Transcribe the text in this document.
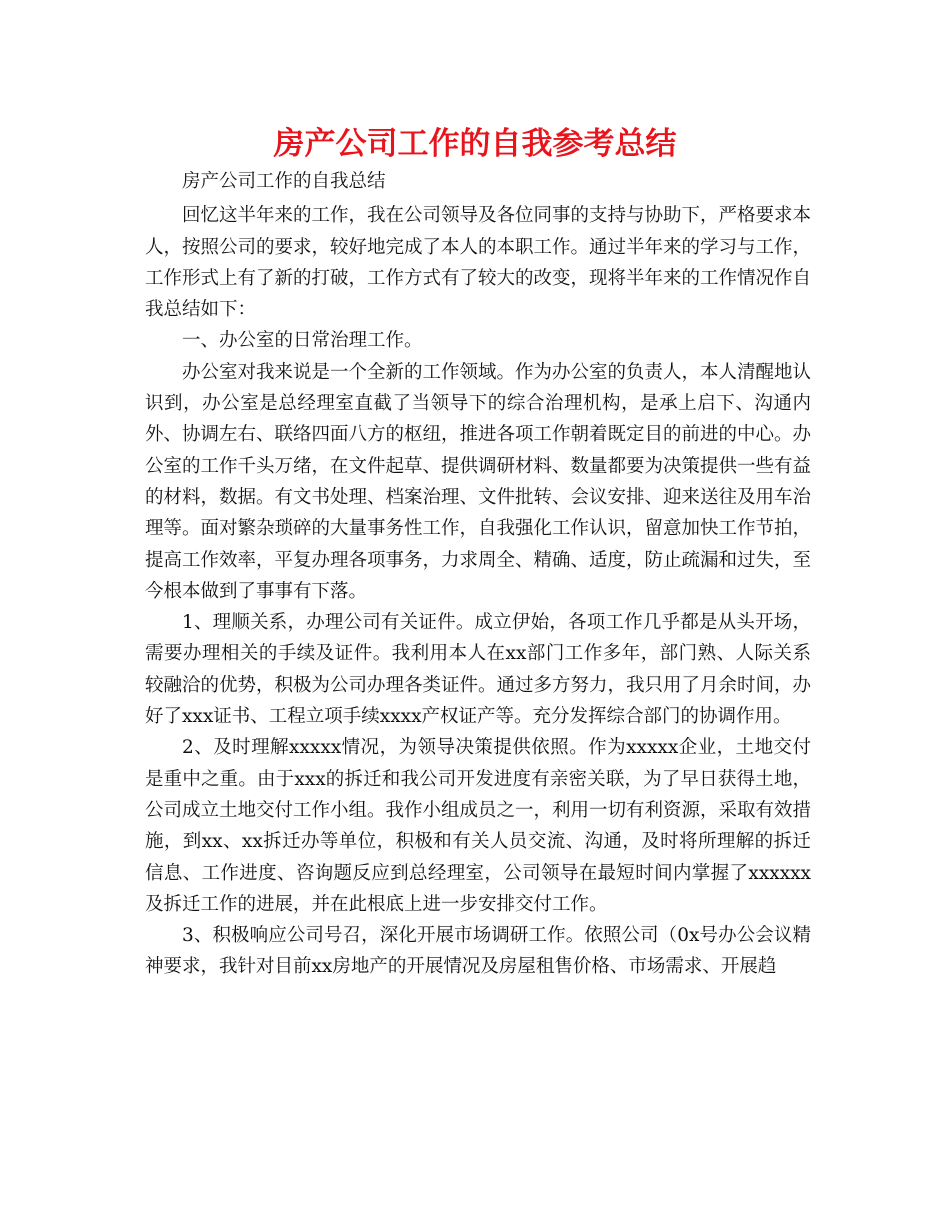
房产公司工作的自我参考总结

房产公司工作的自我总结

回忆这半年来的工作，我在公司领导及各位同事的支持与协助下，严格要求本人，按照公司的要求，较好地完成了本人的本职工作。通过半年来的学习与工作，工作形式上有了新的打破，工作方式有了较大的改变，现将半年来的工作情况作自我总结如下：

一、办公室的日常治理工作。

办公室对我来说是一个全新的工作领域。作为办公室的负责人，本人清醒地认识到，办公室是总经理室直截了当领导下的综合治理机构，是承上启下、沟通内外、协调左右、联络四面八方的枢纽，推进各项工作朝着既定目的前进的中心。办公室的工作千头万绪，在文件起草、提供调研材料、数量都要为决策提供一些有益的材料，数据。有文书处理、档案治理、文件批转、会议安排、迎来送往及用车治理等。面对繁杂琐碎的大量事务性工作，自我强化工作认识，留意加快工作节拍，提高工作效率，平复办理各项事务，力求周全、精确、适度，防止疏漏和过失，至今根本做到了事事有下落。

1、理顺关系，办理公司有关证件。成立伊始，各项工作几乎都是从头开场，需要办理相关的手续及证件。我利用本人在xx部门工作多年，部门熟、人际关系较融洽的优势，积极为公司办理各类证件。通过多方努力，我只用了月余时间，办好了xxx证书、工程立项手续xxxx产权证产等。充分发挥综合部门的协调作用。

2、及时理解xxxxx情况，为领导决策提供依照。作为xxxxx企业，土地交付是重中之重。由于xxx的拆迁和我公司开发进度有亲密关联，为了早日获得土地，公司成立土地交付工作小组。我作小组成员之一，利用一切有利资源，采取有效措施，到xx、xx拆迁办等单位，积极和有关人员交流、沟通，及时将所理解的拆迁信息、工作进度、咨询题反应到总经理室，公司领导在最短时间内掌握了xxxxxx及拆迁工作的进展，并在此根底上进一步安排交付工作。

3、积极响应公司号召，深化开展市场调研工作。依照公司（0x号办公会议精神要求，我针对目前xx房地产的开展情况及房屋租售价格、市场需求、开展趋
